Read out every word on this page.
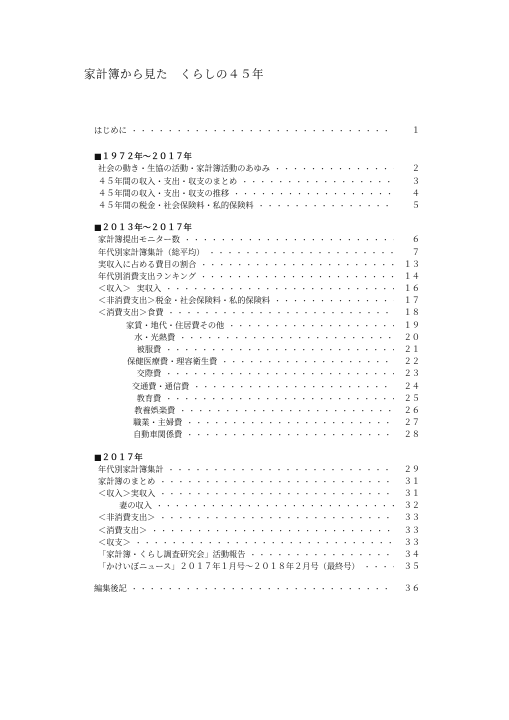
家計簿から見た　くらしの４５年
はじめに ・・・・・・・・・・・・・・・・・・・・・・・・・・・・・・・・・・・・・・・・・・・・・・・・・・	１
■１９７２年〜２０１７年
社会の動き・生協の活動・家計簿活動のあゆみ ・・・・・・・・・・・・・・・・・・・・・・・・・・・・・・・・・・・・・・・・・・・・・・・・・・	２
４５年間の収入・支出・収支のまとめ ・・・・・・・・・・・・・・・・・・・・・・・・・・・・・・・・・・・・・・・・・・・・・・・・・・	３
４５年間の収入・支出・収支の推移 ・・・・・・・・・・・・・・・・・・・・・・・・・・・・・・・・・・・・・・・・・・・・・・・・・・	４
４５年間の税金・社会保険料・私的保険料 ・・・・・・・・・・・・・・・・・・・・・・・・・・・・・・・・・・・・・・・・・・・・・・・・・・	５
■２０１３年〜２０１７年
家計簿提出モニター数 ・・・・・・・・・・・・・・・・・・・・・・・・・・・・・・・・・・・・・・・・・・・・・・・・・・	６
年代別家計簿集計（総平均） ・・・・・・・・・・・・・・・・・・・・・・・・・・・・・・・・・・・・・・・・・・・・・・・・・・	７
実収入に占める費目の割合 ・・・・・・・・・・・・・・・・・・・・・・・・・・・・・・・・・・・・・・・・・・・・・・・・・・	１３
年代別消費支出ランキング ・・・・・・・・・・・・・・・・・・・・・・・・・・・・・・・・・・・・・・・・・・・・・・・・・・	１４
＜収入＞ 実収入 ・・・・・・・・・・・・・・・・・・・・・・・・・・・・・・・・・・・・・・・・・・・・・・・・・・	１６
＜非消費支出＞ 税金・社会保険料・私的保険料 ・・・・・・・・・・・・・・・・・・・・・・・・・・・・・・・・・・・・・・・・・・・・・・・・・・	１７
＜消費支出＞ 食費 ・・・・・・・・・・・・・・・・・・・・・・・・・・・・・・・・・・・・・・・・・・・・・・・・・・	１８
家賃・地代・住居費その他 ・・・・・・・・・・・・・・・・・・・・・・・・・・・・・・・・・・・・・・・・・・・・・・・・・・	１９
水・光熱費 ・・・・・・・・・・・・・・・・・・・・・・・・・・・・・・・・・・・・・・・・・・・・・・・・・・	２０
被服費 ・・・・・・・・・・・・・・・・・・・・・・・・・・・・・・・・・・・・・・・・・・・・・・・・・・	２１
保健医療費・理容衛生費 ・・・・・・・・・・・・・・・・・・・・・・・・・・・・・・・・・・・・・・・・・・・・・・・・・・	２２
交際費 ・・・・・・・・・・・・・・・・・・・・・・・・・・・・・・・・・・・・・・・・・・・・・・・・・・	２３
交通費・通信費 ・・・・・・・・・・・・・・・・・・・・・・・・・・・・・・・・・・・・・・・・・・・・・・・・・・	２４
教育費 ・・・・・・・・・・・・・・・・・・・・・・・・・・・・・・・・・・・・・・・・・・・・・・・・・・	２５
教養娯楽費 ・・・・・・・・・・・・・・・・・・・・・・・・・・・・・・・・・・・・・・・・・・・・・・・・・・	２６
職業・主婦費 ・・・・・・・・・・・・・・・・・・・・・・・・・・・・・・・・・・・・・・・・・・・・・・・・・・	２７
自動車関係費 ・・・・・・・・・・・・・・・・・・・・・・・・・・・・・・・・・・・・・・・・・・・・・・・・・・	２８
■２０１７年
年代別家計簿集計 ・・・・・・・・・・・・・・・・・・・・・・・・・・・・・・・・・・・・・・・・・・・・・・・・・・	２９
家計簿のまとめ ・・・・・・・・・・・・・・・・・・・・・・・・・・・・・・・・・・・・・・・・・・・・・・・・・・	３１
＜収入＞ 実収入 ・・・・・・・・・・・・・・・・・・・・・・・・・・・・・・・・・・・・・・・・・・・・・・・・・・	３１
妻の収入 ・・・・・・・・・・・・・・・・・・・・・・・・・・・・・・・・・・・・・・・・・・・・・・・・・・	３２
＜非消費支出＞ ・・・・・・・・・・・・・・・・・・・・・・・・・・・・・・・・・・・・・・・・・・・・・・・・・・	３３
＜消費支出＞ ・・・・・・・・・・・・・・・・・・・・・・・・・・・・・・・・・・・・・・・・・・・・・・・・・・	３３
＜収支＞ ・・・・・・・・・・・・・・・・・・・・・・・・・・・・・・・・・・・・・・・・・・・・・・・・・・	３３
「家計簿・くらし調査研究会」活動報告 ・・・・・・・・・・・・・・・・・・・・・・・・・・・・・・・・・・・・・・・・・・・・・・・・・・	３４
「かけいぼニュース」２０１７年１月号〜２０１８年２月号（最終号） ・・・・・・・・・・・・・・・・・・・・・・・・・・・・・・・・・・・・・・・・・・・・・・・・・・	３５
編集後記 ・・・・・・・・・・・・・・・・・・・・・・・・・・・・・・・・・・・・・・・・・・・・・・・・・・	３６
